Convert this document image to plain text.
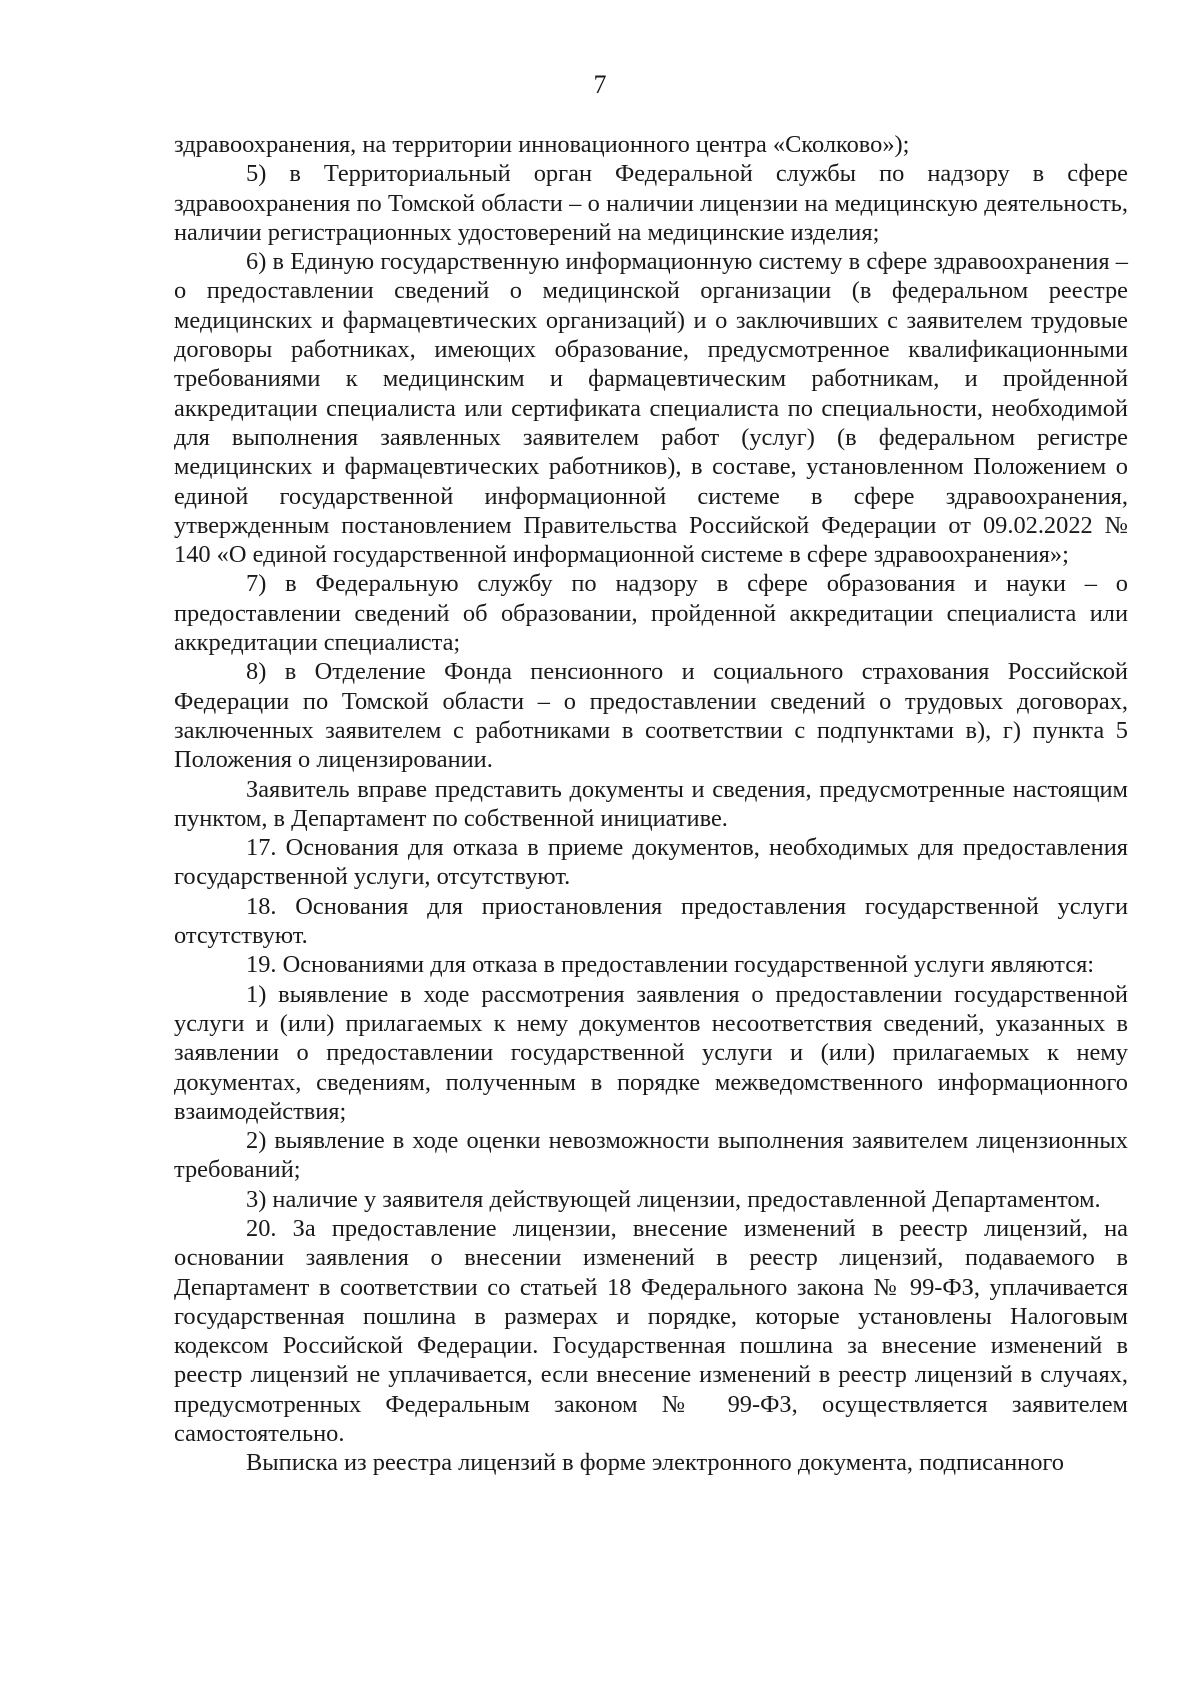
7

здравоохранения, на территории инновационного центра «Сколково»);

5) в Территориальный орган Федеральной службы по надзору в сфере здравоохранения по Томской области – о наличии лицензии на медицинскую деятельность, наличии регистрационных удостоверений на медицинские изделия;

6) в Единую государственную информационную систему в сфере здравоохранения – о предоставлении сведений о медицинской организации (в федеральном реестре медицинских и фармацевтических организаций) и о заключивших с заявителем трудовые договоры работниках, имеющих образование, предусмотренное квалификационными требованиями к медицинским и фармацевтическим работникам, и пройденной аккредитации специалиста или сертификата специалиста по специальности, необходимой для выполнения заявленных заявителем работ (услуг) (в федеральном регистре медицинских и фармацевтических работников), в составе, установленном Положением о единой государственной информационной системе в сфере здравоохранения, утвержденным постановлением Правительства Российской Федерации от 09.02.2022 № 140 «О единой государственной информационной системе в сфере здравоохранения»;

7) в Федеральную службу по надзору в сфере образования и науки – о предоставлении сведений об образовании, пройденной аккредитации специалиста или аккредитации специалиста;

8) в Отделение Фонда пенсионного и социального страхования Российской Федерации по Томской области – о предоставлении сведений о трудовых договорах, заключенных заявителем с работниками в соответствии с подпунктами в), г) пункта 5 Положения о лицензировании.

Заявитель вправе представить документы и сведения, предусмотренные настоящим пунктом, в Департамент по собственной инициативе.

17. Основания для отказа в приеме документов, необходимых для предоставления государственной услуги, отсутствуют.

18. Основания для приостановления предоставления государственной услуги отсутствуют.

19. Основаниями для отказа в предоставлении государственной услуги являются:

1) выявление в ходе рассмотрения заявления о предоставлении государственной услуги и (или) прилагаемых к нему документов несоответствия сведений, указанных в заявлении о предоставлении государственной услуги и (или) прилагаемых к нему документах, сведениям, полученным в порядке межведомственного информационного взаимодействия;

2) выявление в ходе оценки невозможности выполнения заявителем лицензионных требований;

3) наличие у заявителя действующей лицензии, предоставленной Департаментом.

20. За предоставление лицензии, внесение изменений в реестр лицензий, на основании заявления о внесении изменений в реестр лицензий, подаваемого в Департамент в соответствии со статьей 18 Федерального закона № 99-ФЗ, уплачивается государственная пошлина в размерах и порядке, которые установлены Налоговым кодексом Российской Федерации. Государственная пошлина за внесение изменений в реестр лицензий не уплачивается, если внесение изменений в реестр лицензий в случаях, предусмотренных Федеральным законом № 99-ФЗ, осуществляется заявителем самостоятельно.

Выписка из реестра лицензий в форме электронного документа, подписанного
